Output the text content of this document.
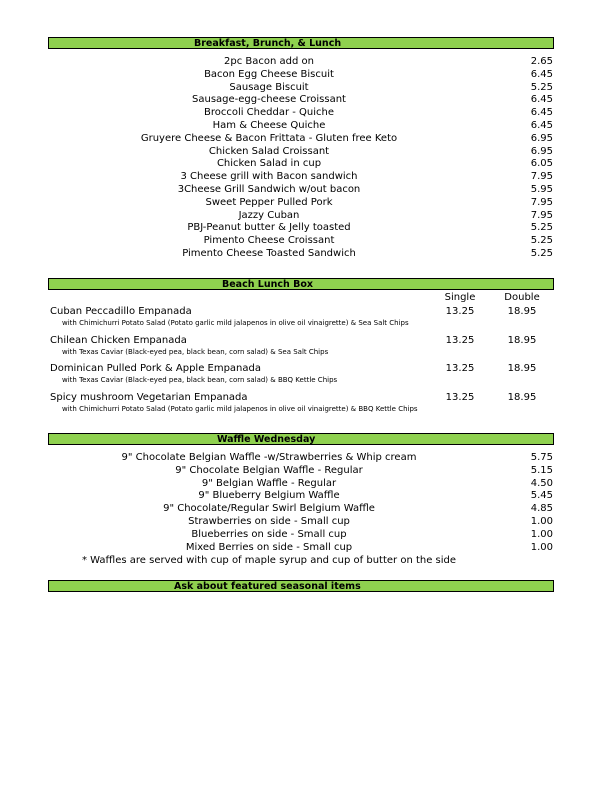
Breakfast, Brunch, & Lunch
2pc Bacon add on	2.65
Bacon Egg Cheese Biscuit	6.45
Sausage Biscuit	5.25
Sausage-egg-cheese Croissant	6.45
Broccoli Cheddar - Quiche	6.45
Ham & Cheese Quiche	6.45
Gruyere Cheese & Bacon Frittata - Gluten free Keto	6.95
Chicken Salad Croissant	6.95
Chicken Salad in cup	6.05
3 Cheese grill with Bacon sandwich	7.95
3Cheese Grill Sandwich w/out bacon	5.95
Sweet Pepper Pulled Pork	7.95
Jazzy Cuban	7.95
PBJ-Peanut butter & Jelly toasted	5.25
Pimento Cheese Croissant	5.25
Pimento Cheese Toasted Sandwich	5.25
Beach Lunch Box
Single	Double
Cuban Peccadillo Empanada	13.25	18.95
with Chimichurri Potato Salad (Potato garlic mild jalapenos in olive oil vinaigrette) & Sea Salt Chips
Chilean Chicken Empanada	13.25	18.95
with Texas Caviar (Black-eyed pea, black bean, corn salad) & Sea Salt Chips
Dominican Pulled Pork & Apple Empanada	13.25	18.95
with Texas Caviar (Black-eyed pea, black bean, corn salad) & BBQ Kettle Chips
Spicy mushroom Vegetarian Empanada	13.25	18.95
with Chimichurri Potato Salad (Potato garlic mild jalapenos in olive oil vinaigrette) & BBQ Kettle Chips
Waffle Wednesday
9" Chocolate Belgian Waffle -w/Strawberries & Whip cream	5.75
9" Chocolate Belgian Waffle - Regular	5.15
9" Belgian Waffle - Regular	4.50
9" Blueberry Belgium Waffle	5.45
9" Chocolate/Regular Swirl Belgium Waffle	4.85
Strawberries on side - Small cup	1.00
Blueberries on side - Small cup	1.00
Mixed Berries on side - Small cup	1.00
* Waffles are served with cup of maple syrup and cup of butter on the side
Ask about featured seasonal items
